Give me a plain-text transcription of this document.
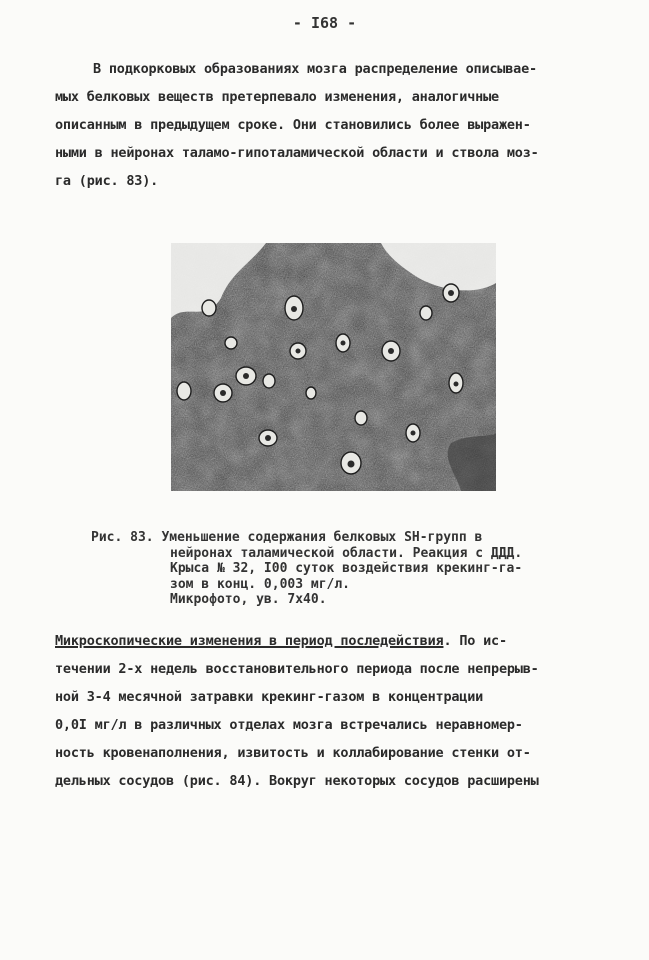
- I68 -
В подкорковых образованиях мозга распределение описывае-
мых белковых веществ претерпевало изменения, аналогичные
описанным в предыдущем сроке. Они становились более выражен-
ными в нейронах таламо-гипоталамической области и ствола моз-
га (рис. 83).
Рис. 83. Уменьшение содержания белковых SH-групп в
нейронах таламической области. Реакция с ДДД.
Крыса № 32, I00 суток воздействия крекинг-га-
зом в конц. 0,003 мг/л.
Микрофото, ув. 7х40.
Микроскопические изменения в период последействия. По ис-
течении 2-х недель восстановительного периода после непрерыв-
ной 3-4 месячной затравки крекинг-газом в концентрации
0,0I мг/л в различных отделах мозга встречались неравномер-
ность кровенаполнения, извитость и коллабирование стенки от-
дельных сосудов (рис. 84). Вокруг некоторых сосудов расширены
